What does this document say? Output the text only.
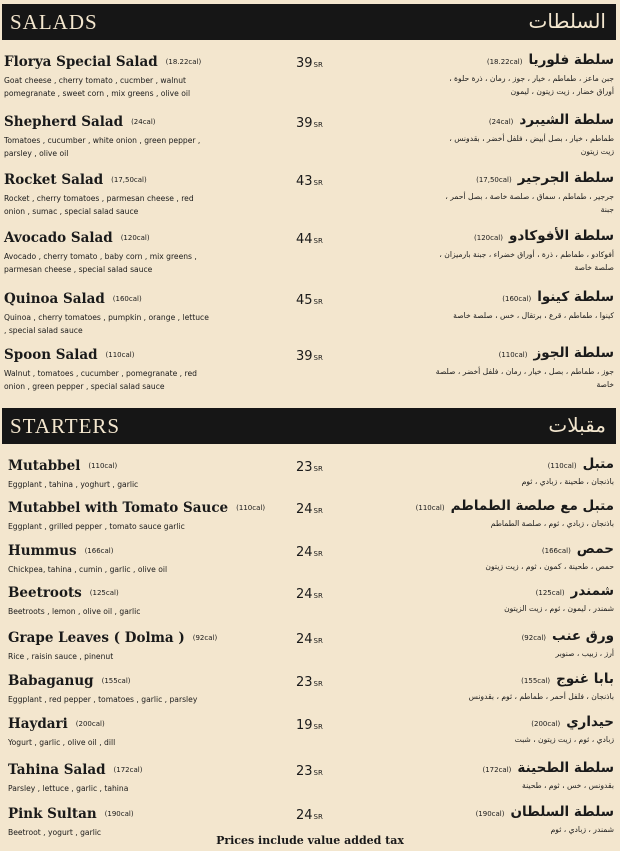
SALADS	السلطات
Florya Special Salad (18.22cal)
Goat cheese , cherry tomato , cucmber , walnut pomegranate , sweet corn , mix greens , olive oil
39SR	سلطة فلوريا(18.22cal)
جبن ماعز ، طماطم ، خيار ، جوز ، رمان ، ذرة حلوة ، أوراق خضار ، زيت زيتون ، ليمون
Shepherd Salad (24cal)
Tomatoes , cucumber , white onion , green pepper , parsley , olive oil
39SR	سلطة الشيبرد(24cal)
طماطم ، خيار ، بصل أبيض ، فلفل أخضر ، بقدونس ، زيت زيتون
Rocket Salad (17,50cal)
Rocket , cherry tomatoes , parmesan cheese , red onion , sumac , special salad sauce
43SR	سلطة الجرجير(17,50cal)
جرجير ، طماطم ، سماق ، صلصة خاصة ، بصل أحمر ، جبنة
Avocado Salad (120cal)
Avocado , cherry tomato , baby corn , mix greens , parmesan cheese , special salad sauce
44SR	سلطة الأفوكادو(120cal)
أفوكادو ، طماطم ، ذرة ، أوراق خضراء ، جبنة بارميزان ، صلصة خاصة
Quinoa Salad (160cal)
Quinoa , cherry tomatoes , pumpkin , orange , lettuce , special salad sauce
45SR	سلطة كينوا(160cal)
كينوا ، طماطم ، قرع ، برتقال ، خس ، صلصة خاصة
Spoon Salad (110cal)
Walnut , tomatoes , cucumber , pomegranate , red onion , green pepper , special salad sauce
39SR	سلطة الجوز(110cal)
جوز ، طماطم ، بصل ، خيار ، رمان ، فلفل أخضر ، صلصة خاصة
STARTERS	مقبلات
Mutabbel (110cal)
Eggplant , tahina , yoghurt , garlic
23SR	متبل(110cal)
باذنجان ، طحينة ، زبادي ، ثوم
Mutabbel with Tomato Sauce (110cal)
Eggplant , grilled pepper , tomato sauce garlic
24SR	متبل مع صلصة الطماطم(110cal)
باذنجان ، زبادي ، ثوم ، صلصة الطماطم
Hummus (166cal)
Chickpea, tahina , cumin , garlic , olive oil
24SR	حمص(166cal)
حمص ، طحينة ، كمون ، ثوم ، زيت زيتون
Beetroots (125cal)
Beetroots , lemon , olive oil , garlic
24SR	شمندر(125cal)
شمندر ، ليمون ، ثوم ، زيت الزيتون
Grape Leaves ( Dolma ) (92cal)
Rice , raisin sauce , pinenut
24SR	ورق عنب(92cal)
أرز ، زبيب ، صنوبر
Babaganug (155cal)
Eggplant , red pepper , tomatoes , garlic , parsley
23SR	بابا غنوج(155cal)
باذنجان ، فلفل أحمر ، طماطم ، ثوم ، بقدونس
Haydari (200cal)
Yogurt , garlic , olive oil , dill
19SR	حيداري(200cal)
زبادي ، ثوم ، زيت زيتون ، شبت
Tahina Salad (172cal)
Parsley , lettuce , garlic , tahina
23SR	سلطة الطحينة(172cal)
بقدونس ، خس ، ثوم ، طحينة
Pink Sultan (190cal)
Beetroot , yogurt , garlic
24SR	سلطة السلطان(190cal)
شمندر ، زبادي ، ثوم
Prices include value added tax
